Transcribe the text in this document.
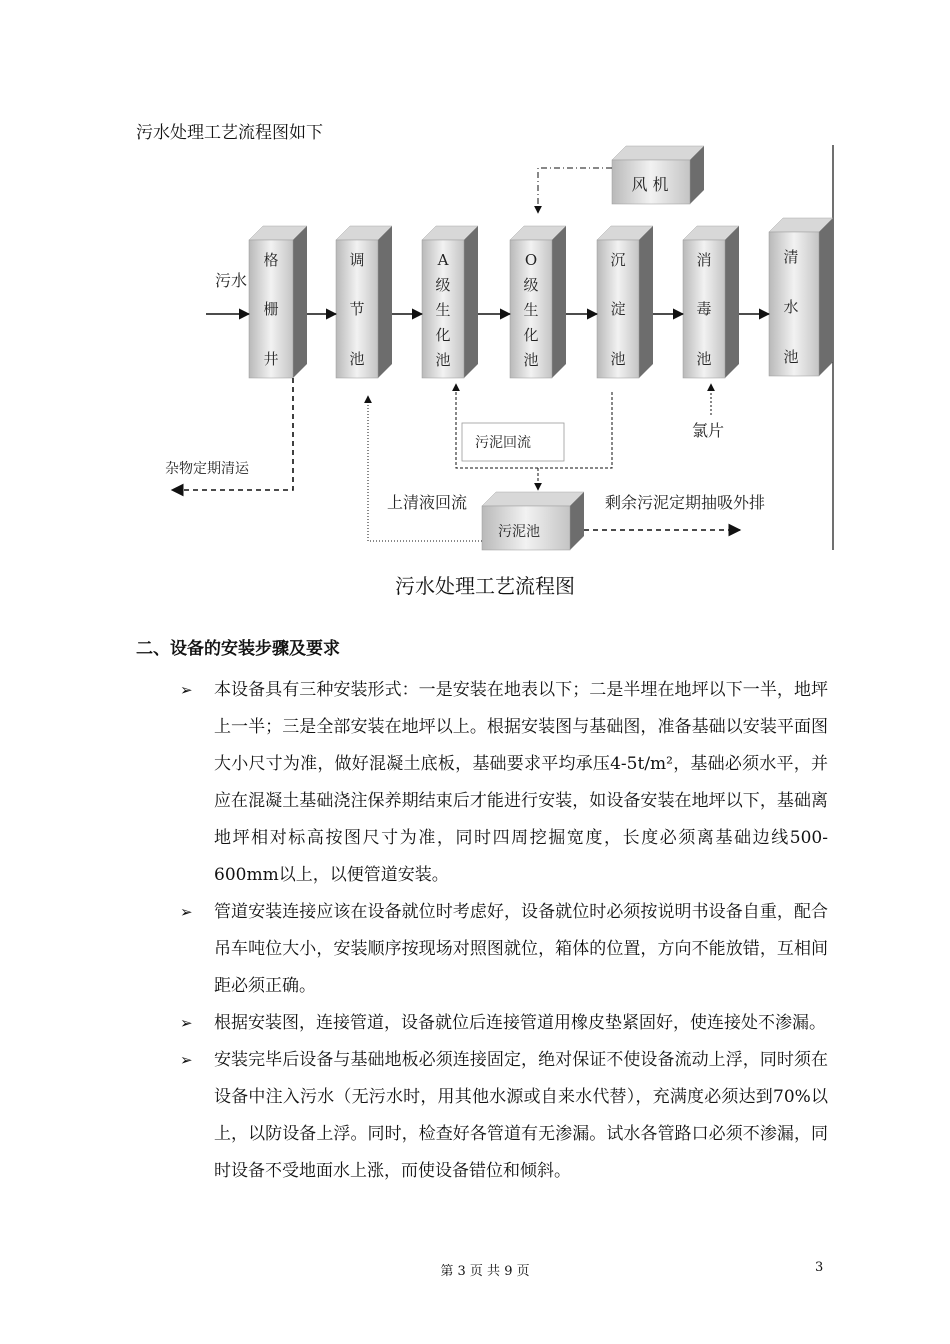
污水处理工艺流程图如下
格
栅
井
调
节
池
A
级
生
化
池
O
级
生
化
池
沉
淀
池
消
毒
池
清
水
池
风 机
污泥池
污水
杂物定期清运
氯片
污泥回流
上清液回流	剩余污泥定期抽吸外排
污水处理工艺流程图
二、设备的安装步骤及要求
➢ 本设备具有三种安装形式：一是安装在地表以下；二是半埋在地坪以下一半，地坪上一半；三是全部安装在地坪以上。根据安装图与基础图，准备基础以安装平面图大小尺寸为准，做好混凝土底板，基础要求平均承压4-5t/m²，基础必须水平，并应在混凝土基础浇注保养期结束后才能进行安装，如设备安装在地坪以下，基础离地坪相对标高按图尺寸为准，同时四周挖掘宽度，长度必须离基础边线500-600mm以上，以便管道安装。
➢ 管道安装连接应该在设备就位时考虑好，设备就位时必须按说明书设备自重，配合吊车吨位大小，安装顺序按现场对照图就位，箱体的位置，方向不能放错，互相间距必须正确。
➢ 根据安装图，连接管道，设备就位后连接管道用橡皮垫紧固好，使连接处不渗漏。
➢ 安装完毕后设备与基础地板必须连接固定，绝对保证不使设备流动上浮，同时须在设备中注入污水（无污水时，用其他水源或自来水代替），充满度必须达到70%以上，以防设备上浮。同时，检查好各管道有无渗漏。试水各管路口必须不渗漏，同时设备不受地面水上涨，而使设备错位和倾斜。
第 3 页 共 9 页	3
